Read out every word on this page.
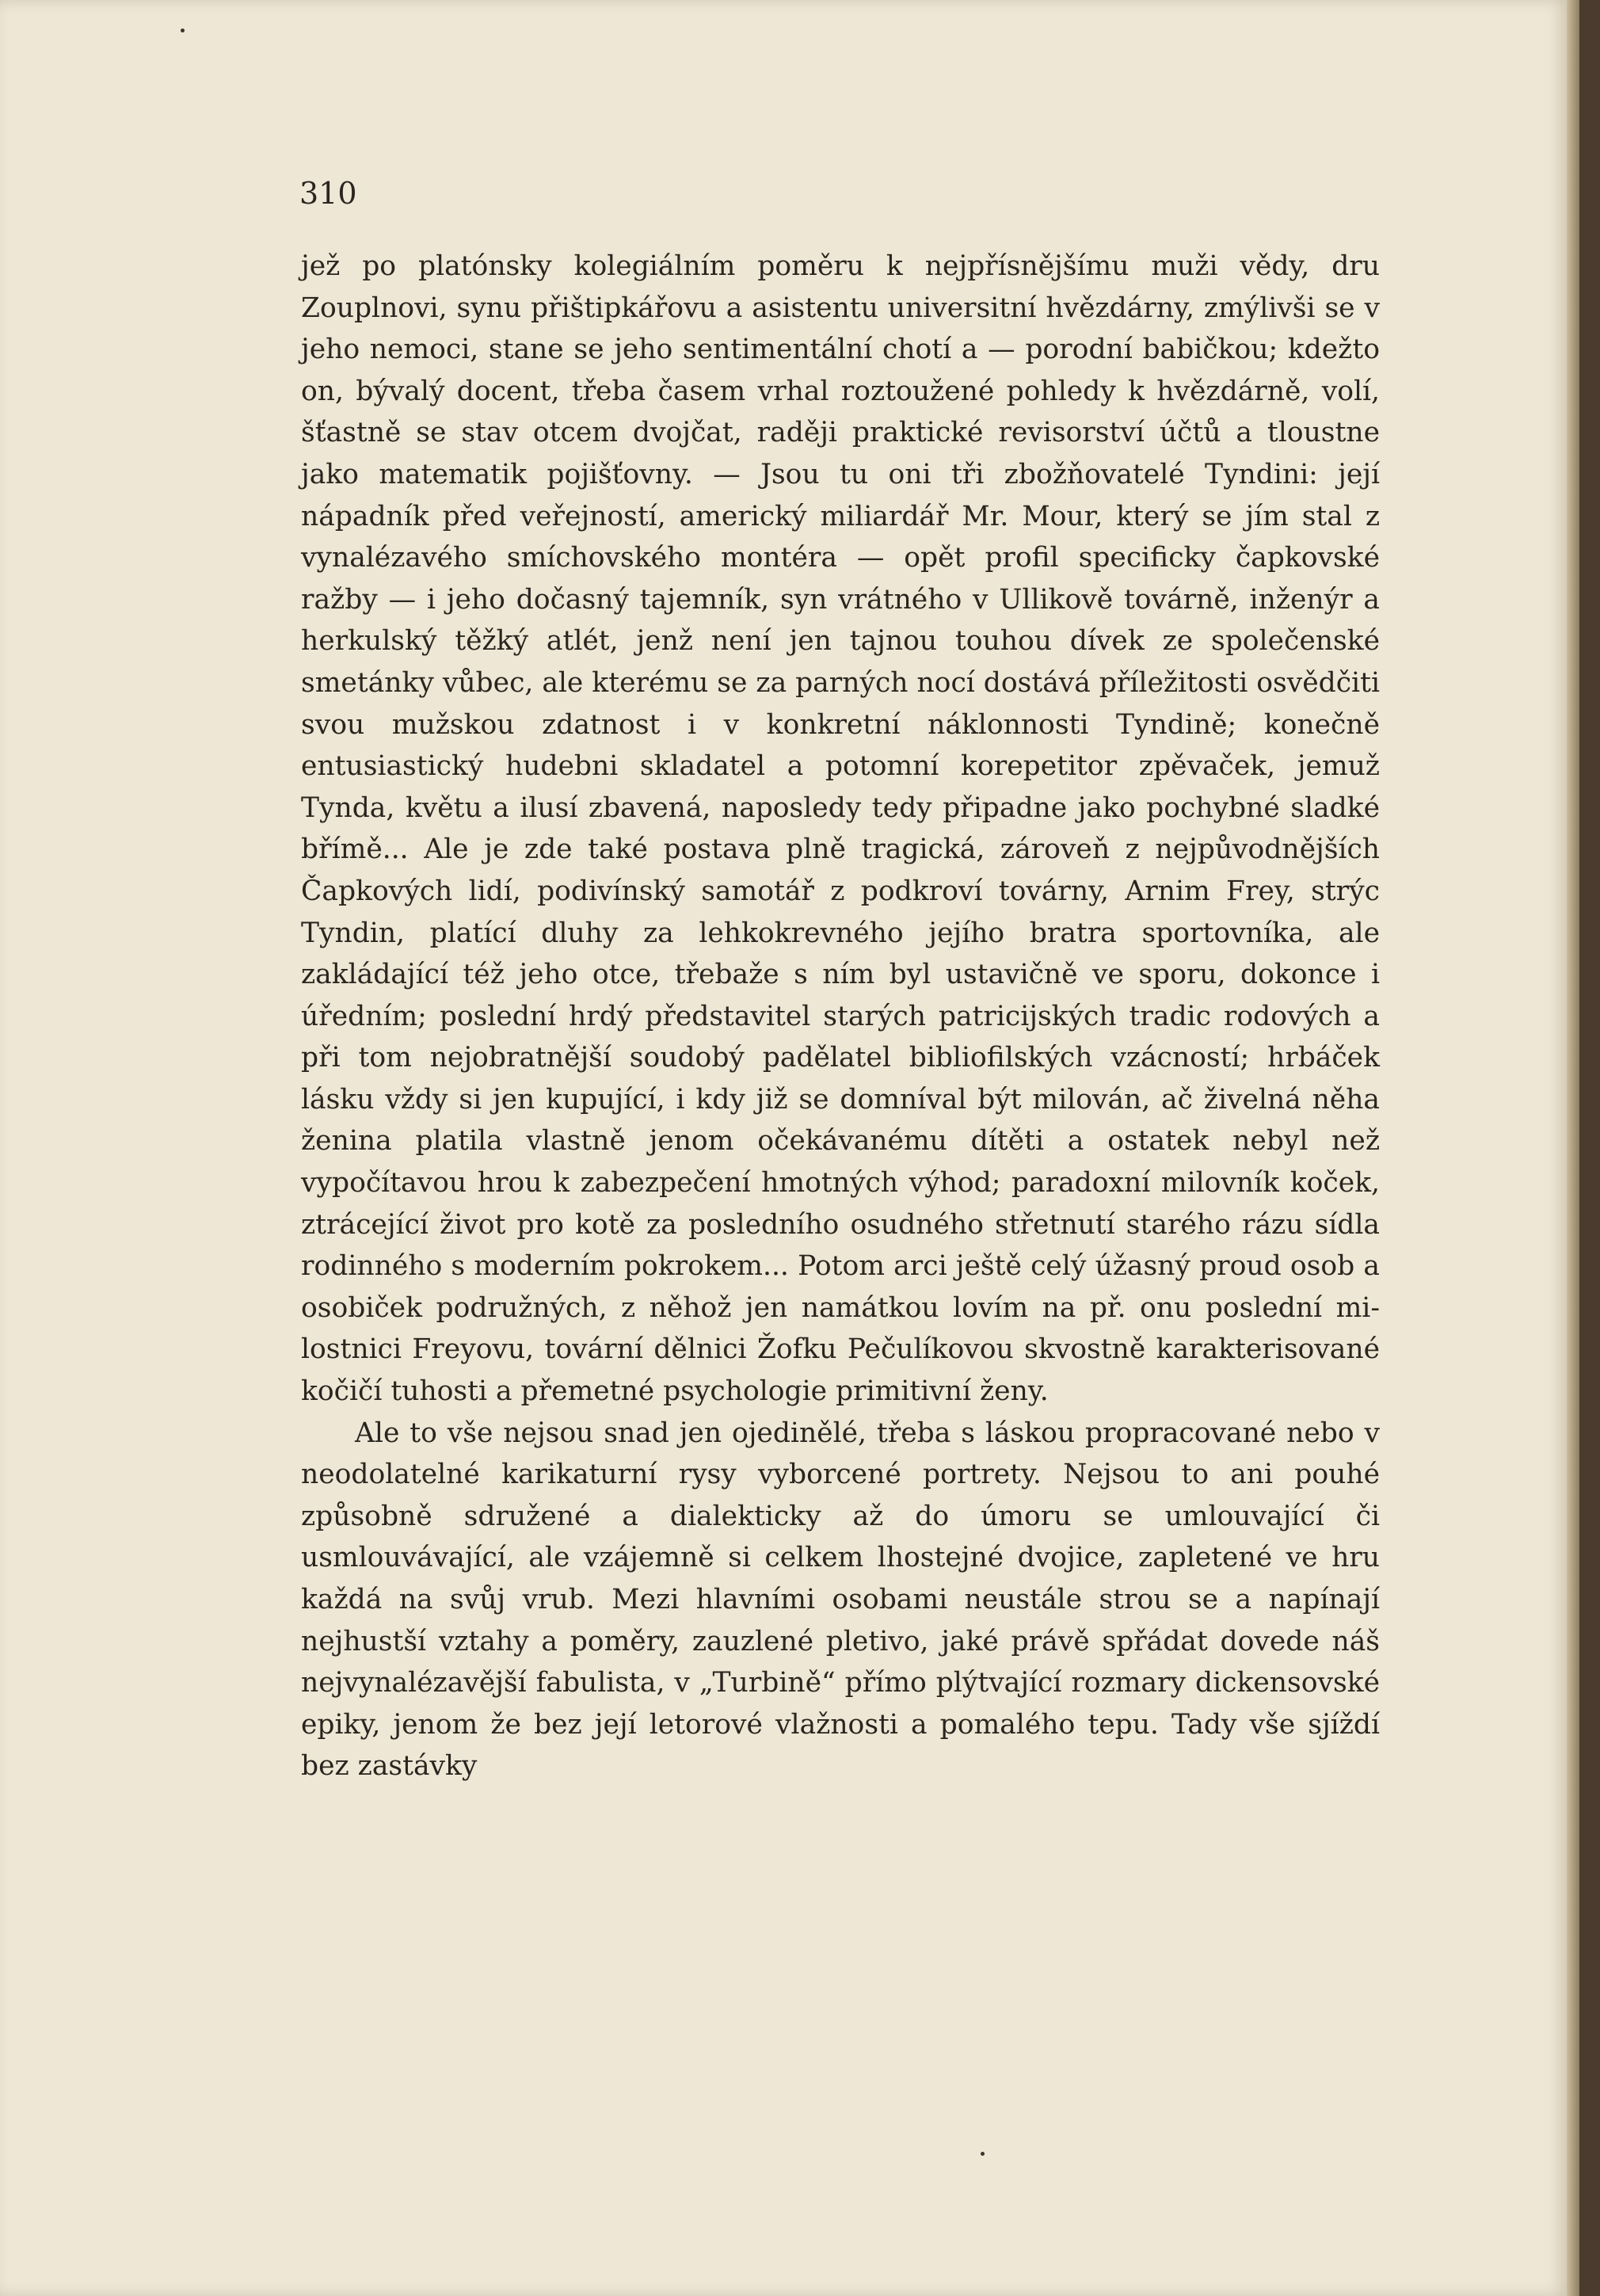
310

jež po platónsky kolegiálním poměru k nejpřísnějšímu muži vědy, dru Zouplnovi, synu přištipkářovu a asistentu universitní hvězdárny, zmýlivši se v jeho nemoci, stane se jeho sentimentální chotí a — porodní babičkou; kdežto on, bývalý docent, třeba časem vrhal roztoužené pohledy k hvězdárně, volí, šťastně se stav otcem dvojčat, raději praktické revisorství účtů a tloustne jako matematik pojišťovny. — Jsou tu oni tři zbožňovatelé Tyndini: její nápadník před veřejností, americký miliardář Mr. Mour, který se jím stal z vynalézavého smíchovského montéra — opět profil specificky čapkovské ražby — i jeho dočasný tajemník, syn vrátného v Ullikově továrně, inženýr a herkulský těžký atlét, jenž není jen tajnou touhou dívek ze společenské smetánky vůbec, ale kterému se za parných nocí dostává příležitosti osvědčiti svou mužskou zdatnost i v konkretní náklonnosti Tyndině; konečně entusiastický hudebni skladatel a potomní korepetitor zpěvaček, jemuž Tynda, květu a ilusí zbavená, naposledy tedy připadne jako pochybné sladké břímě... Ale je zde také postava plně tragická, zároveň z nejpůvodnějších Čapkových lidí, podivínský samotář z podkroví továrny, Arnim Frey, strýc Tyndin, platící dluhy za lehkokrevného jejího bratra sportovníka, ale zakládající též jeho otce, třebaže s ním byl ustavičně ve sporu, dokonce i úředním; poslední hrdý představitel starých patricijských tradic rodových a při tom nejobratnější soudobý padělatel bibliofilských vzácností; hrbáček lásku vždy si jen kupující, i kdy již se domníval být milován, ač živelná něha ženina platila vlastně jenom očekávanému dítěti a ostatek nebyl než vypočítavou hrou k zabezpečení hmotných výhod; paradoxní milovník koček, ztrácející život pro kotě za posledního osudného střetnutí starého rázu sídla rodinného s moderním pokrokem... Potom arci ještě celý úžasný proud osob a osobiček podružných, z něhož jen namátkou lovím na př. onu poslední milostnici Freyovu, tovární dělnici Žofku Pečulíkovou skvostně karakterisované kočičí tuhosti a přemetné psychologie primitivní ženy.

Ale to vše nejsou snad jen ojedinělé, třeba s láskou propracované nebo v neodolatelné karikaturní rysy vyborcené portrety. Nejsou to ani pouhé způsobně sdružené a dialekticky až do úmoru se umlouvající či usmlouvávající, ale vzájemně si celkem lhostejné dvojice, zapletené ve hru každá na svůj vrub. Mezi hlavními osobami neustále strou se a napínají nejhustší vztahy a poměry, zauzlené pletivo, jaké právě spřádat dovede náš nejvynalézavější fabulista, v „Turbině“ přímo plýtvající rozmary dickensovské epiky, jenom že bez její letorové vlažnosti a pomalého tepu. Tady vše sjíždí bez zastávky
